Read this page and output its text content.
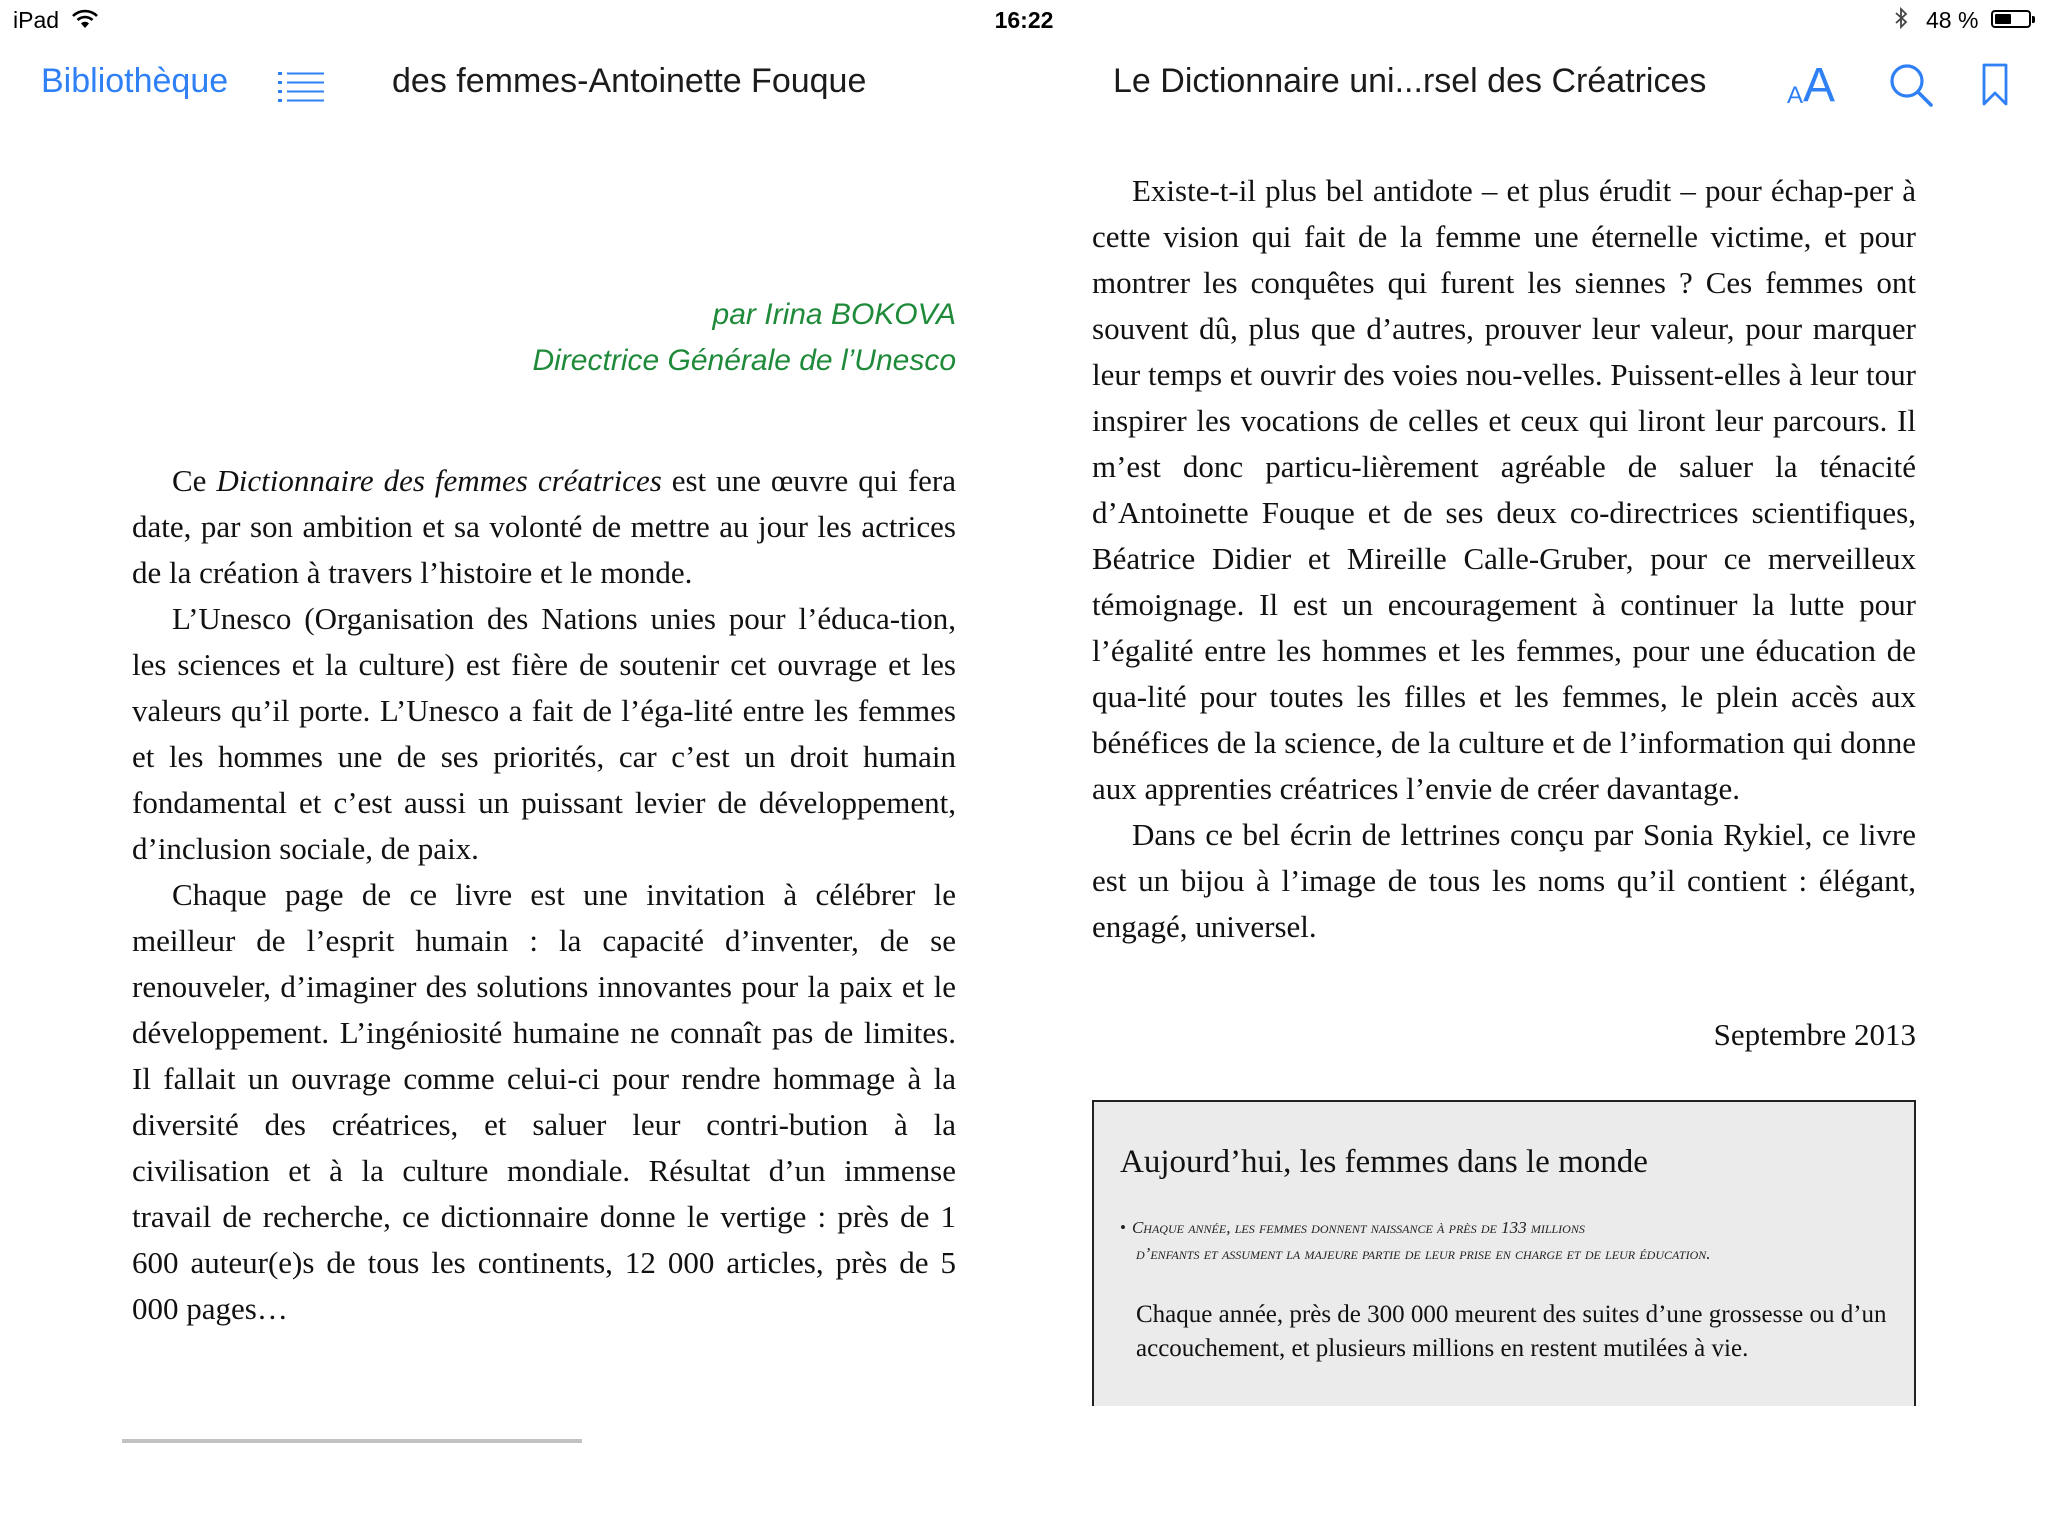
iPad	16:22	48 %
Bibliothèque	des femmes-Antoinette Fouque	Le Dictionnaire uni...rsel des Créatrices	A A
par Irina BOKOVA
Directrice Générale de l’Unesco

Ce Dictionnaire des femmes créatrices est une œuvre qui fera date, par son ambition et sa volonté de mettre au jour les actrices de la création à travers l’histoire et le monde.

L’Unesco (Organisation des Nations unies pour l’éduca-tion, les sciences et la culture) est fière de soutenir cet ouvrage et les valeurs qu’il porte. L’Unesco a fait de l’éga-lité entre les femmes et les hommes une de ses priorités, car c’est un droit humain fondamental et c’est aussi un puissant levier de développement, d’inclusion sociale, de paix.

Chaque page de ce livre est une invitation à célébrer le meilleur de l’esprit humain : la capacité d’inventer, de se renouveler, d’imaginer des solutions innovantes pour la paix et le développement. L’ingéniosité humaine ne connaît pas de limites. Il fallait un ouvrage comme celui-ci pour rendre hommage à la diversité des créatrices, et saluer leur contri-bution à la civilisation et à la culture mondiale. Résultat d’un immense travail de recherche, ce dictionnaire donne le vertige : près de 1 600 auteur(e)s de tous les continents, 12 000 articles, près de 5 000 pages…

Existe-t-il plus bel antidote – et plus érudit – pour échap-per à cette vision qui fait de la femme une éternelle victime, et pour montrer les conquêtes qui furent les siennes ? Ces femmes ont souvent dû, plus que d’autres, prouver leur valeur, pour marquer leur temps et ouvrir des voies nou-velles. Puissent-elles à leur tour inspirer les vocations de celles et ceux qui liront leur parcours. Il m’est donc particu-lièrement agréable de saluer la ténacité d’Antoinette Fouque et de ses deux co-directrices scientifiques, Béatrice Didier et Mireille Calle-Gruber, pour ce merveilleux témoignage. Il est un encouragement à continuer la lutte pour l’égalité entre les hommes et les femmes, pour une éducation de qua-lité pour toutes les filles et les femmes, le plein accès aux bénéfices de la science, de la culture et de l’information qui donne aux apprenties créatrices l’envie de créer davantage.

Dans ce bel écrin de lettrines conçu par Sonia Rykiel, ce livre est un bijou à l’image de tous les noms qu’il contient : élégant, engagé, universel.

Septembre 2013
Aujourd’hui, les femmes dans le monde
• Chaque année, les femmes donnent naissance à près de 133 millions
d’enfants et assument la majeure partie de leur prise en charge et de leur éducation.
Chaque année, près de 300 000 meurent des suites d’une grossesse ou d’un accouchement, et plusieurs millions en restent mutilées à vie.
